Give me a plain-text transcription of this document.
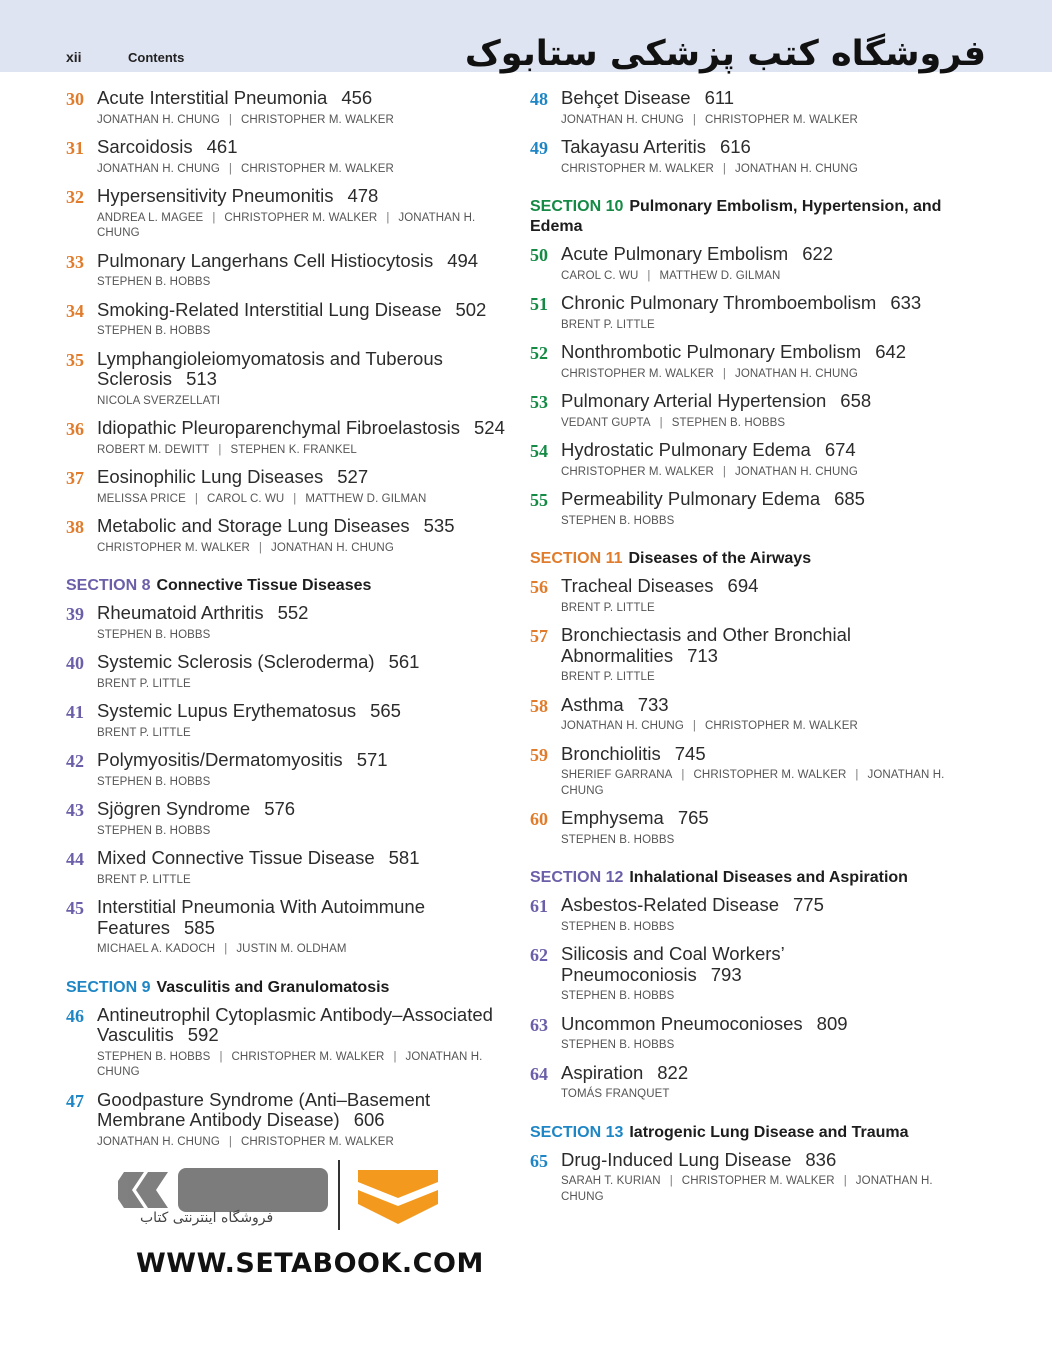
xii	Contents	فروشگاه کتب پزشکی ستابوک
30 Acute Interstitial Pneumonia 456
JONATHAN H. CHUNG | CHRISTOPHER M. WALKER
31 Sarcoidosis 461
JONATHAN H. CHUNG | CHRISTOPHER M. WALKER
32 Hypersensitivity Pneumonitis 478
ANDREA L. MAGEE | CHRISTOPHER M. WALKER | JONATHAN H. CHUNG
33 Pulmonary Langerhans Cell Histiocytosis 494
STEPHEN B. HOBBS
34 Smoking-Related Interstitial Lung Disease 502
STEPHEN B. HOBBS
35 Lymphangioleiomyomatosis and Tuberous Sclerosis 513
NICOLA SVERZELLATI
36 Idiopathic Pleuroparenchymal Fibroelastosis 524
ROBERT M. DEWITT | STEPHEN K. FRANKEL
37 Eosinophilic Lung Diseases 527
MELISSA PRICE | CAROL C. WU | MATTHEW D. GILMAN
38 Metabolic and Storage Lung Diseases 535
CHRISTOPHER M. WALKER | JONATHAN H. CHUNG
SECTION 8 Connective Tissue Diseases
39 Rheumatoid Arthritis 552
STEPHEN B. HOBBS
40 Systemic Sclerosis (Scleroderma) 561
BRENT P. LITTLE
41 Systemic Lupus Erythematosus 565
BRENT P. LITTLE
42 Polymyositis/Dermatomyositis 571
STEPHEN B. HOBBS
43 Sjögren Syndrome 576
STEPHEN B. HOBBS
44 Mixed Connective Tissue Disease 581
BRENT P. LITTLE
45 Interstitial Pneumonia With Autoimmune Features 585
MICHAEL A. KADOCH | JUSTIN M. OLDHAM
SECTION 9 Vasculitis and Granulomatosis
46 Antineutrophil Cytoplasmic Antibody–Associated Vasculitis 592
STEPHEN B. HOBBS | CHRISTOPHER M. WALKER | JONATHAN H. CHUNG
47 Goodpasture Syndrome (Anti–Basement Membrane Antibody Disease) 606
JONATHAN H. CHUNG | CHRISTOPHER M. WALKER
48 Behçet Disease 611
JONATHAN H. CHUNG | CHRISTOPHER M. WALKER
49 Takayasu Arteritis 616
CHRISTOPHER M. WALKER | JONATHAN H. CHUNG
SECTION 10 Pulmonary Embolism, Hypertension, and Edema
50 Acute Pulmonary Embolism 622
CAROL C. WU | MATTHEW D. GILMAN
51 Chronic Pulmonary Thromboembolism 633
BRENT P. LITTLE
52 Nonthrombotic Pulmonary Embolism 642
CHRISTOPHER M. WALKER | JONATHAN H. CHUNG
53 Pulmonary Arterial Hypertension 658
VEDANT GUPTA | STEPHEN B. HOBBS
54 Hydrostatic Pulmonary Edema 674
CHRISTOPHER M. WALKER | JONATHAN H. CHUNG
55 Permeability Pulmonary Edema 685
STEPHEN B. HOBBS
SECTION 11 Diseases of the Airways
56 Tracheal Diseases 694
BRENT P. LITTLE
57 Bronchiectasis and Other Bronchial Abnormalities 713
BRENT P. LITTLE
58 Asthma 733
JONATHAN H. CHUNG | CHRISTOPHER M. WALKER
59 Bronchiolitis 745
SHERIEF GARRANA | CHRISTOPHER M. WALKER | JONATHAN H. CHUNG
60 Emphysema 765
STEPHEN B. HOBBS
SECTION 12 Inhalational Diseases and Aspiration
61 Asbestos-Related Disease 775
STEPHEN B. HOBBS
62 Silicosis and Coal Workers’ Pneumoconiosis 793
STEPHEN B. HOBBS
63 Uncommon Pneumoconioses 809
STEPHEN B. HOBBS
64 Aspiration 822
TOMÁS FRANQUET
SECTION 13 Iatrogenic Lung Disease and Trauma
65 Drug-Induced Lung Disease 836
SARAH T. KURIAN | CHRISTOPHER M. WALKER | JONATHAN H. CHUNG
فروشگاه اینترنتی کتاب
WWW.SETABOOK.COM
